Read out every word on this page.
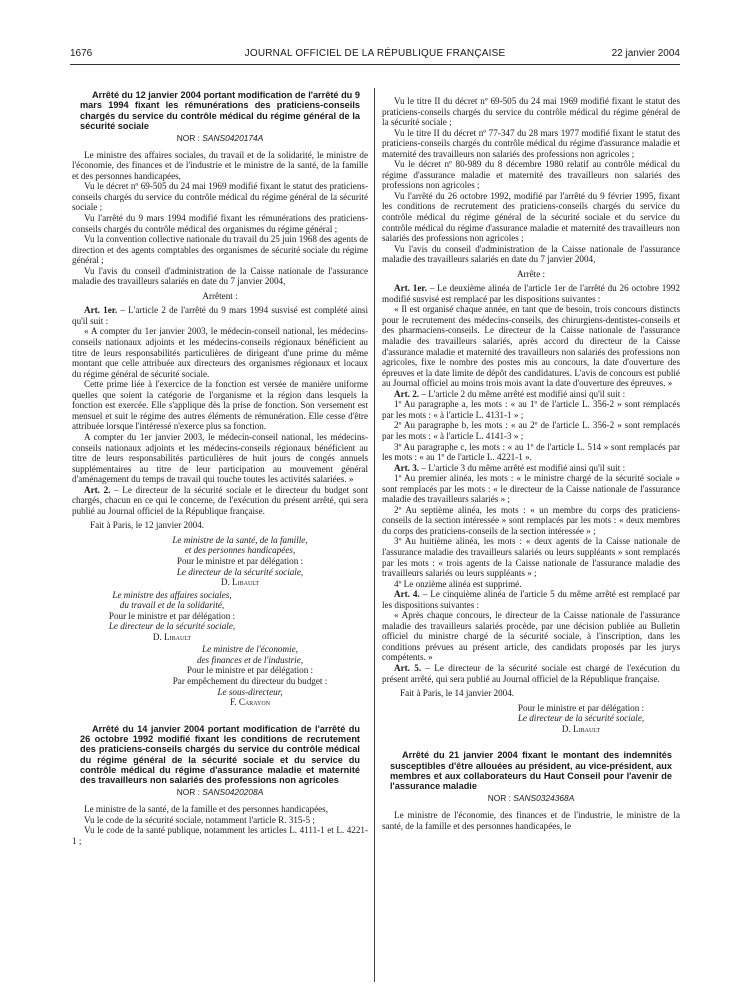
1676	JOURNAL OFFICIEL DE LA RÉPUBLIQUE FRANÇAISE	22 janvier 2004

Arrêté du 12 janvier 2004 portant modification de l'arrêté du 9 mars 1994 fixant les rémunérations des praticiens-conseils chargés du service du contrôle médical du régime général de la sécurité sociale

NOR : SANS0420174A

Le ministre des affaires sociales, du travail et de la solidarité, le ministre de l'économie, des finances et de l'industrie et le ministre de la santé, de la famille et des personnes handicapées,

Vu le décret nº 69-505 du 24 mai 1969 modifié fixant le statut des praticiens-conseils chargés du service du contrôle médical du régime général de la sécurité sociale ;

Vu l'arrêté du 9 mars 1994 modifié fixant les rémunérations des praticiens-conseils chargés du contrôle médical des organismes du régime général ;

Vu la convention collective nationale du travail du 25 juin 1968 des agents de direction et des agents comptables des organismes de sécurité sociale du régime général ;

Vu l'avis du conseil d'administration de la Caisse nationale de l'assurance maladie des travailleurs salariés en date du 7 janvier 2004,

Arrêtent :

Art. 1er. – L'article 2 de l'arrêté du 9 mars 1994 susvisé est complété ainsi qu'il suit :

« A compter du 1er janvier 2003, le médecin-conseil national, les médecins-conseils nationaux adjoints et les médecins-conseils régionaux bénéficient au titre de leurs responsabilités particulières de dirigeant d'une prime du même montant que celle attribuée aux directeurs des organismes régionaux et locaux du régime général de sécurité sociale.

Cette prime liée à l'exercice de la fonction est versée de manière uniforme quelles que soient la catégorie de l'organisme et la région dans lesquels la fonction est exercée. Elle s'applique dès la prise de fonction. Son versement est mensuel et suit le régime des autres éléments de rémunération. Elle cesse d'être attribuée lorsque l'intéressé n'exerce plus sa fonction.

A compter du 1er janvier 2003, le médecin-conseil national, les médecins-conseils nationaux adjoints et les médecins-conseils régionaux bénéficient au titre de leurs responsabilités particulières de huit jours de congés annuels supplémentaires au titre de leur participation au mouvement général d'aménagement du temps de travail qui touche toutes les activités salariées. »

Art. 2. – Le directeur de la sécurité sociale et le directeur du budget sont chargés, chacun en ce qui le concerne, de l'exécution du présent arrêté, qui sera publié au Journal officiel de la République française.

Fait à Paris, le 12 janvier 2004.

Le ministre de la santé, de la famille,

et des personnes handicapées,

Pour le ministre et par délégation :

Le directeur de la sécurité sociale,

D. Libault

Le ministre des affaires sociales,

du travail et de la solidarité,

Pour le ministre et par délégation :

Le directeur de la sécurité sociale,

D. Libault

Le ministre de l'économie,

des finances et de l'industrie,

Pour le ministre et par délégation :

Par empêchement du directeur du budget :

Le sous-directeur,

F. Carayon

Arrêté du 14 janvier 2004 portant modification de l'arrêté du 26 octobre 1992 modifié fixant les conditions de recrutement des praticiens-conseils chargés du service du contrôle médical du régime général de la sécurité sociale et du service du contrôle médical du régime d'assurance maladie et maternité des travailleurs non salariés des professions non agricoles

NOR : SANS0420208A

Le ministre de la santé, de la famille et des personnes handicapées,

Vu le code de la sécurité sociale, notamment l'article R. 315-5 ;

Vu le code de la santé publique, notamment les articles L. 4111-1 et L. 4221-1 ;

Vu le titre II du décret nº 69-505 du 24 mai 1969 modifié fixant le statut des praticiens-conseils chargés du service du contrôle médical du régime général de la sécurité sociale ;

Vu le titre II du décret nº 77-347 du 28 mars 1977 modifié fixant le statut des praticiens-conseils chargés du contrôle médical du régime d'assurance maladie et maternité des travailleurs non salariés des professions non agricoles ;

Vu le décret nº 80-989 du 8 décembre 1980 relatif au contrôle médical du régime d'assurance maladie et maternité des travailleurs non salariés des professions non agricoles ;

Vu l'arrêté du 26 octobre 1992, modifié par l'arrêté du 9 février 1995, fixant les conditions de recrutement des praticiens-conseils chargés du service du contrôle médical du régime général de la sécurité sociale et du service du contrôle médical du régime d'assurance maladie et maternité des travailleurs non salariés des professions non agricoles ;

Vu l'avis du conseil d'administration de la Caisse nationale de l'assurance maladie des travailleurs salariés en date du 7 janvier 2004,

Arrête :

Art. 1er. – Le deuxième alinéa de l'article 1er de l'arrêté du 26 octobre 1992 modifié susvisé est remplacé par les dispositions suivantes :

« Il est organisé chaque année, en tant que de besoin, trois concours distincts pour le recrutement des médecins-conseils, des chirurgiens-dentistes-conseils et des pharmaciens-conseils. Le directeur de la Caisse nationale de l'assurance maladie des travailleurs salariés, après accord du directeur de la Caisse d'assurance maladie et maternité des travailleurs non salariés des professions non agricoles, fixe le nombre des postes mis au concours, la date d'ouverture des épreuves et la date limite de dépôt des candidatures. L'avis de concours est publié au Journal officiel au moins trois mois avant la date d'ouverture des épreuves. »

Art. 2. – L'article 2 du même arrêté est modifié ainsi qu'il suit :

1º Au paragraphe a, les mots : « au 1º de l'article L. 356-2 » sont remplacés par les mots : « à l'article L. 4131-1 » ;

2º Au paragraphe b, les mots : « au 2º de l'article L. 356-2 » sont remplacés par les mots : « à l'article L. 4141-3 » ;

3º Au paragraphe c, les mots : « au 1º de l'article L. 514 » sont remplacés par les mots : « au 1º de l'article L. 4221-1 ».

Art. 3. – L'article 3 du même arrêté est modifié ainsi qu'il suit :

1º Au premier alinéa, les mots : « le ministre chargé de la sécurité sociale » sont remplacés par les mots : « le directeur de la Caisse nationale de l'assurance maladie des travailleurs salariés » ;

2º Au septième alinéa, les mots : « un membre du corps des praticiens-conseils de la section intéressée » sont remplacés par les mots : « deux membres du corps des praticiens-conseils de la section intéressée » ;

3º Au huitième alinéa, les mots : « deux agents de la Caisse nationale de l'assurance maladie des travailleurs salariés ou leurs suppléants » sont remplacés par les mots : « trois agents de la Caisse nationale de l'assurance maladie des travailleurs salariés ou leurs suppléants » ;

4º Le onzième alinéa est supprimé.

Art. 4. – Le cinquième alinéa de l'article 5 du même arrêté est remplacé par les dispositions suivantes :

« Après chaque concours, le directeur de la Caisse nationale de l'assurance maladie des travailleurs salariés procède, par une décision publiée au Bulletin officiel du ministre chargé de la sécurité sociale, à l'inscription, dans les conditions prévues au présent article, des candidats proposés par les jurys compétents. »

Art. 5. – Le directeur de la sécurité sociale est chargé de l'exécution du présent arrêté, qui sera publié au Journal officiel de la République française.

Fait à Paris, le 14 janvier 2004.

Pour le ministre et par délégation :

Le directeur de la sécurité sociale,

D. Libault

Arrêté du 21 janvier 2004 fixant le montant des indemnités susceptibles d'être allouées au président, au vice-président, aux membres et aux collaborateurs du Haut Conseil pour l'avenir de l'assurance maladie

NOR : SANS0324368A

Le ministre de l'économie, des finances et de l'industrie, le ministre de la santé, de la famille et des personnes handicapées, le
